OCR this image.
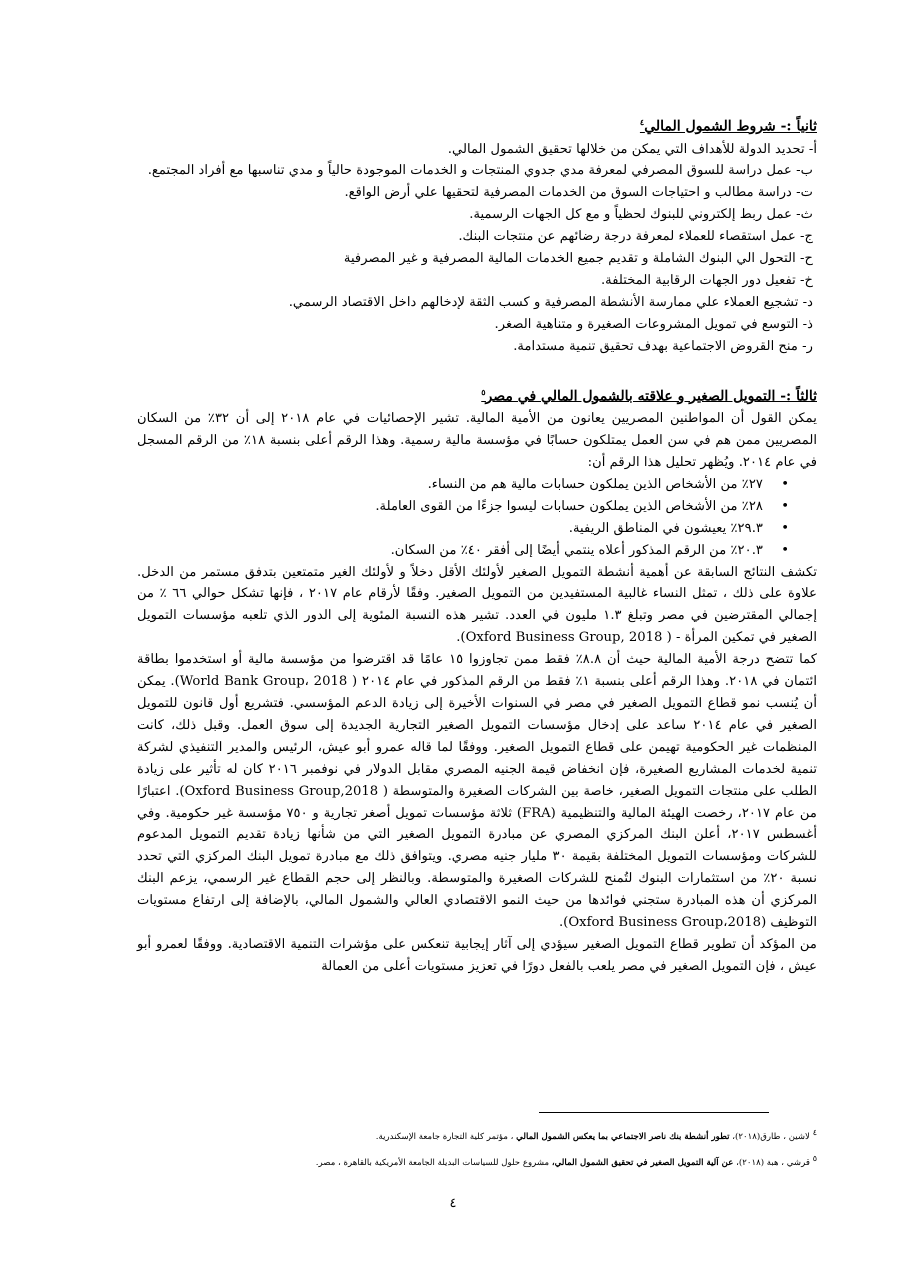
ثانياً :- شروط الشمول المالي$^٤$
أ- تحديد الدولة للأهداف التي يمكن من خلالها تحقيق الشمول المالي.
ب- عمل دراسة للسوق المصرفي لمعرفة مدي جدوي المنتجات و الخدمات الموجودة حالياً و مدي تناسبها مع أفراد المجتمع.
ت- دراسة مطالب و احتياجات السوق من الخدمات المصرفية لتحقيها علي أرض الواقع.
ث- عمل ربط إلكتروني للبنوك لحظياً و مع كل الجهات الرسمية.
ج- عمل استقصاء للعملاء لمعرفة درجة رضائهم عن منتجات البنك.
ح- التحول الي البنوك الشاملة و تقديم جميع الخدمات المالية المصرفية و غير المصرفية
خ- تفعيل دور الجهات الرقابية المختلفة.
د- تشجيع العملاء علي ممارسة الأنشطة المصرفية و كسب الثقة لإدخالهم داخل الاقتصاد الرسمي.
ذ- التوسع في تمويل المشروعات الصغيرة و متناهية الصغر.
ر- منح القروض الاجتماعية بهدف تحقيق تنمية مستدامة.
ثالثاً :- التمويل الصغير و علاقته بالشمول المالي في مصر$^٥$

يمكن القول أن المواطنين المصريين يعانون من الأمية المالية. تشير الإحصائيات في عام ٢٠١٨ إلى أن ٣٢٪ من السكان المصريين ممن هم في سن العمل يمتلكون حسابًا في مؤسسة مالية رسمية. وهذا الرقم أعلى بنسبة ١٨٪ من الرقم المسجل في عام ٢٠١٤. ويُظهر تحليل هذا الرقم أن:

• ٢٧٪ من الأشخاص الذين يملكون حسابات مالية هم من النساء.
• ٢٨٪ من الأشخاص الذين يملكون حسابات ليسوا جزءًا من القوى العاملة.
• ٢٩.٣٪ يعيشون في المناطق الريفية.
• ٢٠.٣٪ من الرقم المذكور أعلاه ينتمي أيضًا إلى أفقر ٤٠٪ من السكان.

تكشف النتائج السابقة عن أهمية أنشطة التمويل الصغير لأولئك الأقل دخلاً و لأولئك الغير متمتعين بتدفق مستمر من الدخل. علاوة على ذلك ، تمثل النساء غالبية المستفيدين من التمويل الصغير. وفقًا لأرقام عام ٢٠١٧ ، فإنها تشكل حوالي ٦٦ ٪ من إجمالي المقترضين في مصر وتبلغ ١.٣ مليون في العدد. تشير هذه النسبة المئوية إلى الدور الذي تلعبه مؤسسات التمويل الصغير في تمكين المرأة - ( Oxford Business Group, 2018).

كما تتضح درجة الأمية المالية حيث أن ٨.٨٪ فقط ممن تجاوزوا ١٥ عامًا قد اقترضوا من مؤسسة مالية أو استخدموا بطاقة ائتمان في ٢٠١٨. وهذا الرقم أعلى بنسبة ١٪ فقط من الرقم المذكور في عام ٢٠١٤ ( World Bank Group، 2018). يمكن أن يُنسب نمو قطاع التمويل الصغير في مصر في السنوات الأخيرة إلى زيادة الدعم المؤسسي. فتشريع أول قانون للتمويل الصغير في عام ٢٠١٤ ساعد على إدخال مؤسسات التمويل الصغير التجارية الجديدة إلى سوق العمل. وقبل ذلك، كانت المنظمات غير الحكومية تهيمن على قطاع التمويل الصغير. ووفقًا لما قاله عمرو أبو عيش، الرئيس والمدير التنفيذي لشركة تنمية لخدمات المشاريع الصغيرة، فإن انخفاض قيمة الجنيه المصري مقابل الدولار في نوفمبر ٢٠١٦ كان له تأثير على زيادة الطلب على منتجات التمويل الصغير، خاصة بين الشركات الصغيرة والمتوسطة ( Oxford Business Group,2018). اعتبارًا من عام ٢٠١٧، رخصت الهيئة المالية والتنظيمية (FRA) ثلاثة مؤسسات تمويل أصغر تجارية و ٧٥٠ مؤسسة غير حكومية. وفي أغسطس ٢٠١٧، أعلن البنك المركزي المصري عن مبادرة التمويل الصغير التي من شأنها زيادة تقديم التمويل المدعوم للشركات ومؤسسات التمويل المختلفة بقيمة ٣٠ مليار جنيه مصري. ويتوافق ذلك مع مبادرة تمويل البنك المركزي التي تحدد نسبة ٢٠٪ من استثمارات البنوك لتُمنح للشركات الصغيرة والمتوسطة. وبالنظر إلى حجم القطاع غير الرسمي، يزعم البنك المركزي أن هذه المبادرة ستجني فوائدها من حيث النمو الاقتصادي العالي والشمول المالي، بالإضافة إلى ارتفاع مستويات التوظيف (Oxford Business Group،2018).

من المؤكد أن تطوير قطاع التمويل الصغير سيؤدي إلى آثار إيجابية تنعكس على مؤشرات التنمية الاقتصادية. ووفقًا لعمرو أبو عيش ، فإن التمويل الصغير في مصر يلعب بالفعل دورًا في تعزيز مستويات أعلى من العمالة

$^٤$ لاشين ، طارق(٢٠١٨)، تطور أنشطة بنك ناصر الاجتماعي بما يعكس الشمول المالي ، مؤتمر كلية التجارة جامعة الإسكندرية.
$^٥$ قرشي ، هبة (٢٠١٨)، عن آلية التمويل الصغير في تحقيق الشمول المالي، مشروع حلول للسياسات البديلة الجامعة الأمريكية بالقاهرة ، مصر.
٤
